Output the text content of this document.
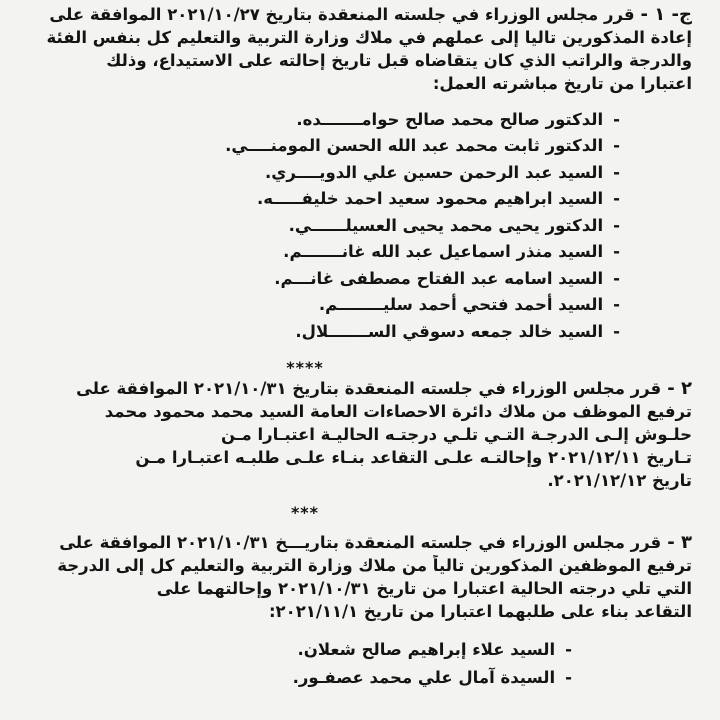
ج- ١ -قرر مجلس الوزراء في جلسته المنعقدة بتاريخ ٢٠٢١/١٠/٢٧ الموافقة على
إعادة المذكورين تاليا إلى عملهم في ملاك وزارة التربية والتعليم كل بنفس الفئة
والدرجة والراتب الذي كان يتقاضاه قبل تاريخ إحالته على الاستيداع، وذلك
اعتبارا من تاريخ مباشرته العمل:
-الدكتور صالح محمد صالح حوامـــــــده.
-الدكتور ثابت محمد عبد الله الحسن المومنــــي.
-السيد عبد الرحمن حسين علي الدويــــري.
-السيد ابراهيم محمود سعيد احمد خليفـــــه.
-الدكتور يحيى محمد يحيى العسيلــــــي.
-السيد منذر اسماعيل عبد الله غانـــــــم.
-السيد اسامه عبد الفتاح مصطفى غانـــم.
-السيد أحمد فتحي أحمد سليــــــــم.
-السيد خالد جمعه دسوقي الســـــــلال.
****
٢ -قرر مجلس الوزراء في جلسته المنعقدة بتاريخ ٢٠٢١/١٠/٣١ الموافقة على
ترفيع الموظف من ملاك دائرة الاحصاءات العامة السيد محمد محمود محمد
حلـوش إلـى الدرجـة التـي تلـي درجتـه الحاليـة اعتبـارا مـن
تـاريخ ٢٠٢١/١٢/١١ وإحالتـه علـى التقاعد بنـاء علـى طلبـه اعتبـارا مـن
تاريخ ٢٠٢١/١٢/١٢.
***
٣ -قرر مجلس الوزراء في جلسته المنعقدة بتاريـــخ ٢٠٢١/١٠/٣١ الموافقة على
ترفيع الموظفين المذكورين تالياً من ملاك وزارة التربية والتعليم كل إلى الدرجة
التي تلي درجته الحالية اعتبارا من تاريخ ٢٠٢١/١٠/٣١ وإحالتهما على
التقاعد بناء على طلبهما اعتبارا من تاريخ ٢٠٢١/١١/١:
-السيد علاء إبراهيم صالح شعلان.
-السيدة آمال علي محمد عصفـور.
